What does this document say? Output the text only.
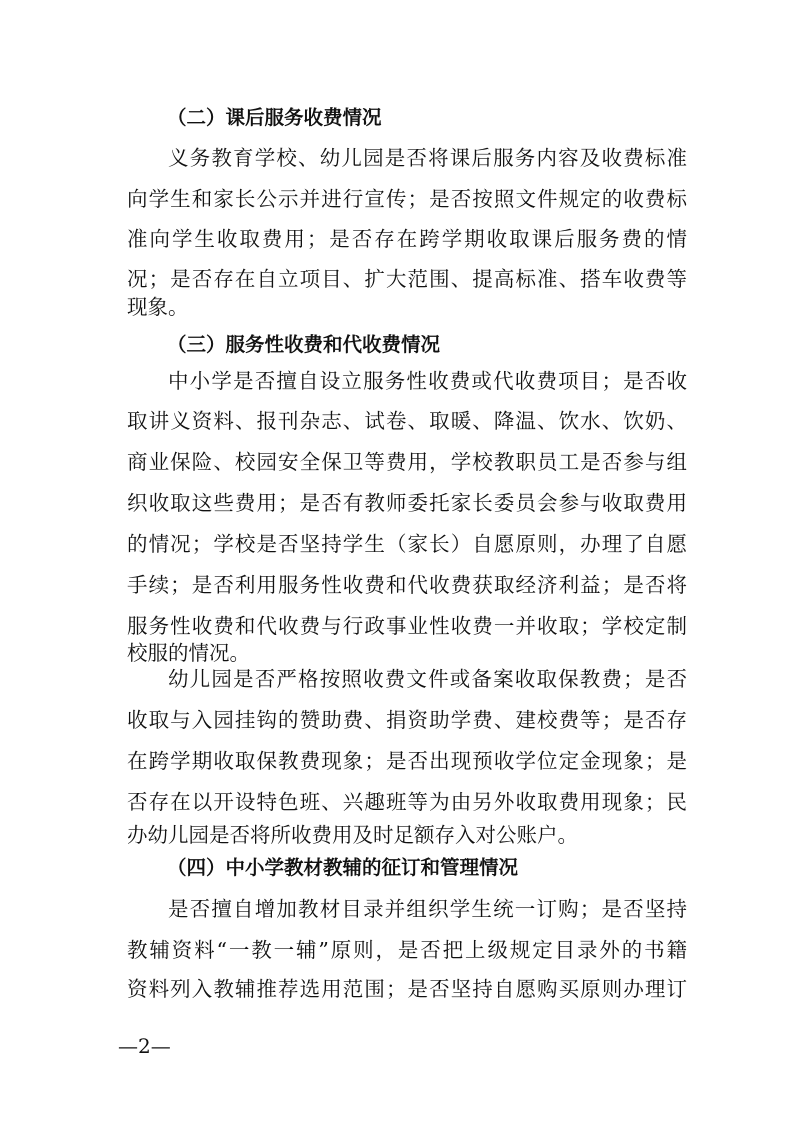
（二）课后服务收费情况
义务教育学校、幼儿园是否将课后服务内容及收费标准
向学生和家长公示并进行宣传；是否按照文件规定的收费标
准向学生收取费用；是否存在跨学期收取课后服务费的情
况；是否存在自立项目、扩大范围、提高标准、搭车收费等
现象。
（三）服务性收费和代收费情况
中小学是否擅自设立服务性收费或代收费项目；是否收
取讲义资料、报刊杂志、试卷、取暖、降温、饮水、饮奶、
商业保险、校园安全保卫等费用，学校教职员工是否参与组
织收取这些费用；是否有教师委托家长委员会参与收取费用
的情况；学校是否坚持学生（家长）自愿原则，办理了自愿
手续；是否利用服务性收费和代收费获取经济利益；是否将
服务性收费和代收费与行政事业性收费一并收取；学校定制
校服的情况。
幼儿园是否严格按照收费文件或备案收取保教费；是否
收取与入园挂钩的赞助费、捐资助学费、建校费等；是否存
在跨学期收取保教费现象；是否出现预收学位定金现象；是
否存在以开设特色班、兴趣班等为由另外收取费用现象；民
办幼儿园是否将所收费用及时足额存入对公账户。
（四）中小学教材教辅的征订和管理情况
是否擅自增加教材目录并组织学生统一订购；是否坚持
教辅资料“一教一辅”原则，是否把上级规定目录外的书籍
资料列入教辅推荐选用范围；是否坚持自愿购买原则办理订
—2—
